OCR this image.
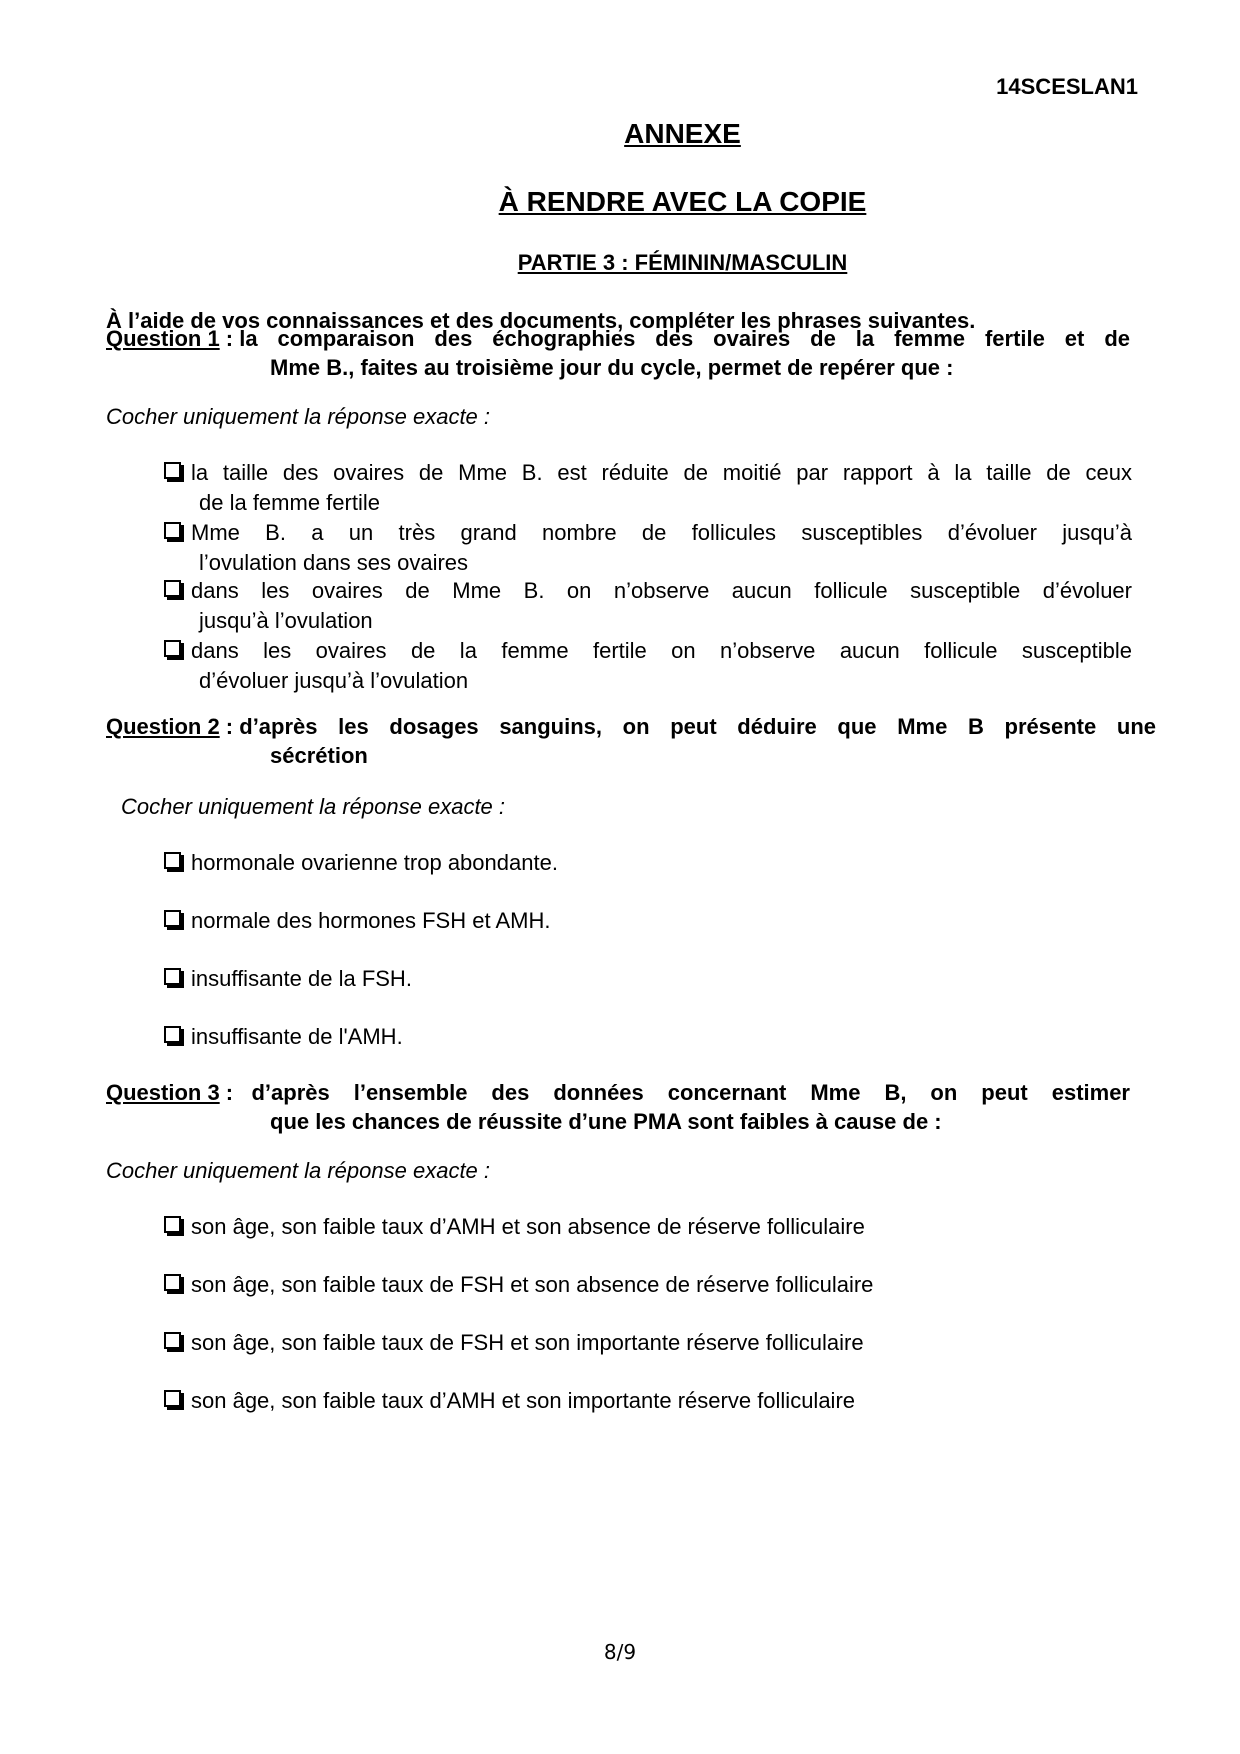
14SCESLAN1
ANNEXE
À RENDRE AVEC LA COPIE
PARTIE 3 : FÉMININ/MASCULIN
À l’aide de vos connaissances et des documents, compléter les phrases suivantes.
Question 1 : la comparaison des échographies des ovaires de la femme fertile et de
Mme B., faites au troisième jour du cycle, permet de repérer que :
Cocher uniquement la réponse exacte :
la taille des ovaires de Mme B. est réduite de moitié par rapport à la taille de ceux
de la femme fertile
Mme B. a un très grand nombre de follicules susceptibles d’évoluer jusqu’à
l’ovulation dans ses ovaires
dans les ovaires de Mme B. on n’observe aucun follicule susceptible d’évoluer
jusqu’à l’ovulation
dans les ovaires de la femme fertile on n’observe aucun follicule susceptible
d’évoluer jusqu’à l’ovulation
Question 2 : d’après les dosages sanguins, on peut déduire que Mme B présente une
sécrétion
Cocher uniquement la réponse exacte :
hormonale ovarienne trop abondante.
normale des hormones FSH et AMH.
insuffisante de la FSH.
insuffisante de l'AMH.
Question 3 : d’après l’ensemble des données concernant Mme B, on peut estimer
que les chances de réussite d’une PMA sont faibles à cause de :
Cocher uniquement la réponse exacte :
son âge, son faible taux d’AMH et son absence de réserve folliculaire
son âge, son faible taux de FSH et son absence de réserve folliculaire
son âge, son faible taux de FSH et son importante réserve folliculaire
son âge, son faible taux d’AMH et son importante réserve folliculaire
8/9
